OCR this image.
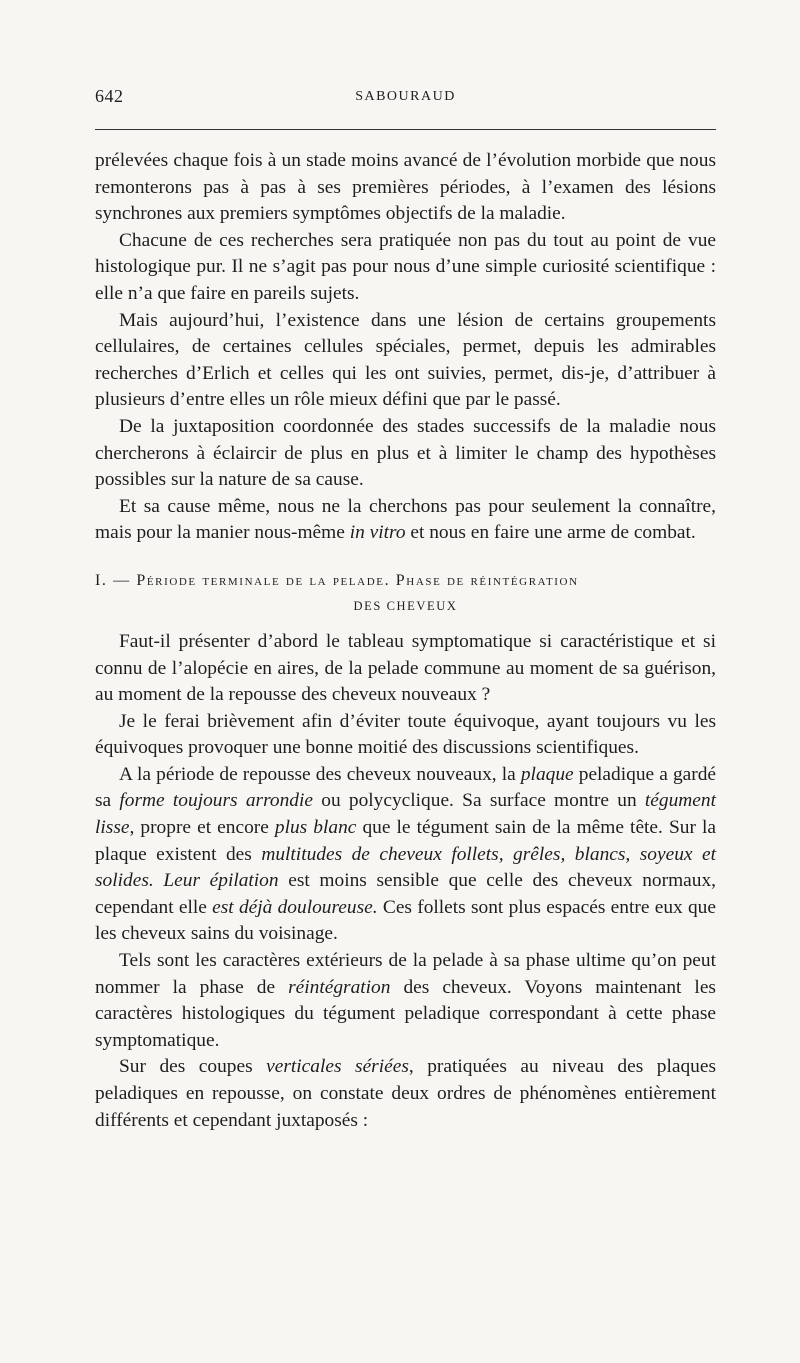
642	SABOURAUD

prélevées chaque fois à un stade moins avancé de l’évolution morbide que nous remonterons pas à pas à ses premières périodes, à l’examen des lésions synchrones aux premiers symptômes objectifs de la maladie.

Chacune de ces recherches sera pratiquée non pas du tout au point de vue histologique pur. Il ne s’agit pas pour nous d’une simple curiosité scientifique : elle n’a que faire en pareils sujets.

Mais aujourd’hui, l’existence dans une lésion de certains groupements cellulaires, de certaines cellules spéciales, permet, depuis les admirables recherches d’Erlich et celles qui les ont suivies, permet, dis-je, d’attribuer à plusieurs d’entre elles un rôle mieux défini que par le passé.

De la juxtaposition coordonnée des stades successifs de la maladie nous chercherons à éclaircir de plus en plus et à limiter le champ des hypothèses possibles sur la nature de sa cause.

Et sa cause même, nous ne la cherchons pas pour seulement la connaître, mais pour la manier nous-même in vitro et nous en faire une arme de combat.

I. — Période terminale de la pelade. Phase de réintégration
DES CHEVEUX

Faut-il présenter d’abord le tableau symptomatique si caractéristique et si connu de l’alopécie en aires, de la pelade commune au moment de sa guérison, au moment de la repousse des cheveux nouveaux ?

Je le ferai brièvement afin d’éviter toute équivoque, ayant toujours vu les équivoques provoquer une bonne moitié des discussions scientifiques.

A la période de repousse des cheveux nouveaux, la plaque peladique a gardé sa forme toujours arrondie ou polycyclique. Sa surface montre un tégument lisse, propre et encore plus blanc que le tégument sain de la même tête. Sur la plaque existent des multitudes de cheveux follets, grêles, blancs, soyeux et solides. Leur épilation est moins sensible que celle des cheveux normaux, cependant elle est déjà douloureuse. Ces follets sont plus espacés entre eux que les cheveux sains du voisinage.

Tels sont les caractères extérieurs de la pelade à sa phase ultime qu’on peut nommer la phase de réintégration des cheveux. Voyons maintenant les caractères histologiques du tégument peladique correspondant à cette phase symptomatique.

Sur des coupes verticales sériées, pratiquées au niveau des plaques peladiques en repousse, on constate deux ordres de phénomènes entièrement différents et cependant juxtaposés :
